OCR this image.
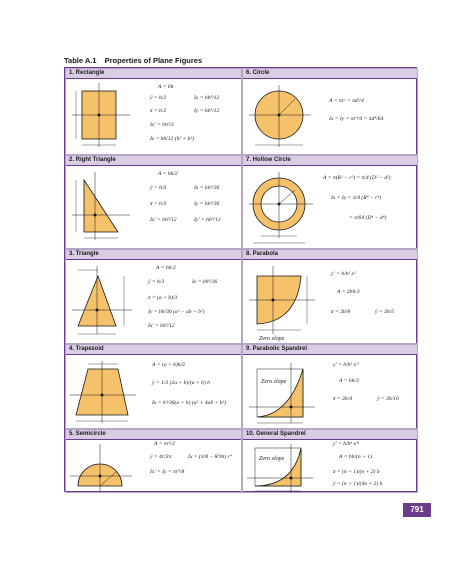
Table A.1 Properties of Plane Figures
1. Rectangle
A = bh
ȳ = h/2	Ix = bh³/12
x̄ = b/2	Iy = hb³/12
Ix′ = bh³/3
Iz = bh/12 (h² + b²)
6. Circle
A = πr² = πd²/4
Ix = Iy = πr⁴/4 = πd⁴/64
2. Right Triangle
A = bh/2
ȳ = h/3	Ix = bh³/36
x̄ = b/3	Iy = hb³/36
Ix′ = bh³/12	Iy′ = hb³/12
7. Hollow Circle
A = π(R² − r²) = π/4 (D² − d²)
Ix = Iy = π/4 (R⁴ − r⁴)
= π/64 (D⁴ − d⁴)
3. Triangle
A = bh/2
ȳ = h/3	Ix = bh³/36
x̄ = (a + b)/3
Iy = bh/36 (a² − ab + b²)
Ix′ = bh³/12
8. Parabola
Zero slope
y′ = h/b² x²
A = 2bh/3
x̄ = 3b/8	ȳ = 3h/5
4. Trapezoid
A = (a + b)h/2
ȳ = 1/3 (2a + b)/(a + b) h
Ix = h³/36(a + b) (a² + 4ab + b²)
9. Parabolic Spandrel
Zero slope
y′ = h/b² x′²
A = bh/3
x̄ = 3b/4	ȳ = 3h/10
5. Semicircle
A = πr²/2
ȳ = 4r/3π	Ix = (π/8 − 8/9π) r⁴
Ix′ = Iy = πr⁴/8
10. General Spandrel
Zero slope
y′ = h/bⁿ x′ⁿ
A = bh/(n + 1)
x̄ = (n + 1)/(n + 2) b
ȳ = (n + 1)/(4n + 2) h
791
